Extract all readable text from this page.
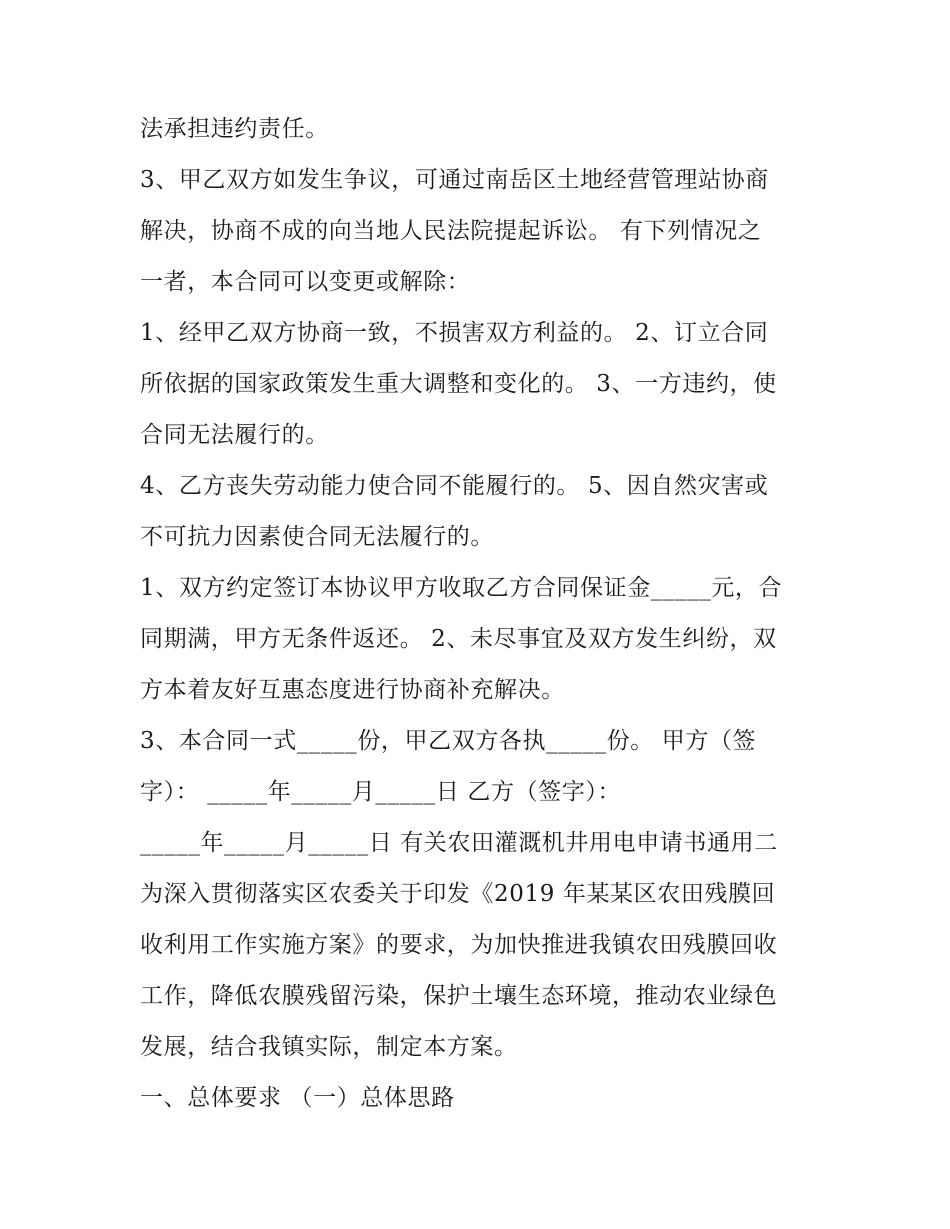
法承担违约责任。
3、甲乙双方如发生争议，可通过南岳区土地经营管理站协商
解决，协商不成的向当地人民法院提起诉讼。 有下列情况之
一者，本合同可以变更或解除：
1、经甲乙双方协商一致，不损害双方利益的。 2、订立合同
所依据的国家政策发生重大调整和变化的。 3、一方违约，使
合同无法履行的。
4、乙方丧失劳动能力使合同不能履行的。 5、因自然灾害或
不可抗力因素使合同无法履行的。
1、双方约定签订本协议甲方收取乙方合同保证金_____元，合
同期满，甲方无条件返还。 2、未尽事宜及双方发生纠纷，双
方本着友好互惠态度进行协商补充解决。
3、本合同一式_____份，甲乙双方各执_____份。 甲方（签
字）： _____年_____月_____日 乙方（签字）：
_____年_____月_____日 有关农田灌溉机井用电申请书通用二
为深入贯彻落实区农委关于印发《2019 年某某区农田残膜回
收利用工作实施方案》的要求，为加快推进我镇农田残膜回收
工作，降低农膜残留污染，保护土壤生态环境，推动农业绿色
发展，结合我镇实际，制定本方案。
一、总体要求 （一）总体思路
